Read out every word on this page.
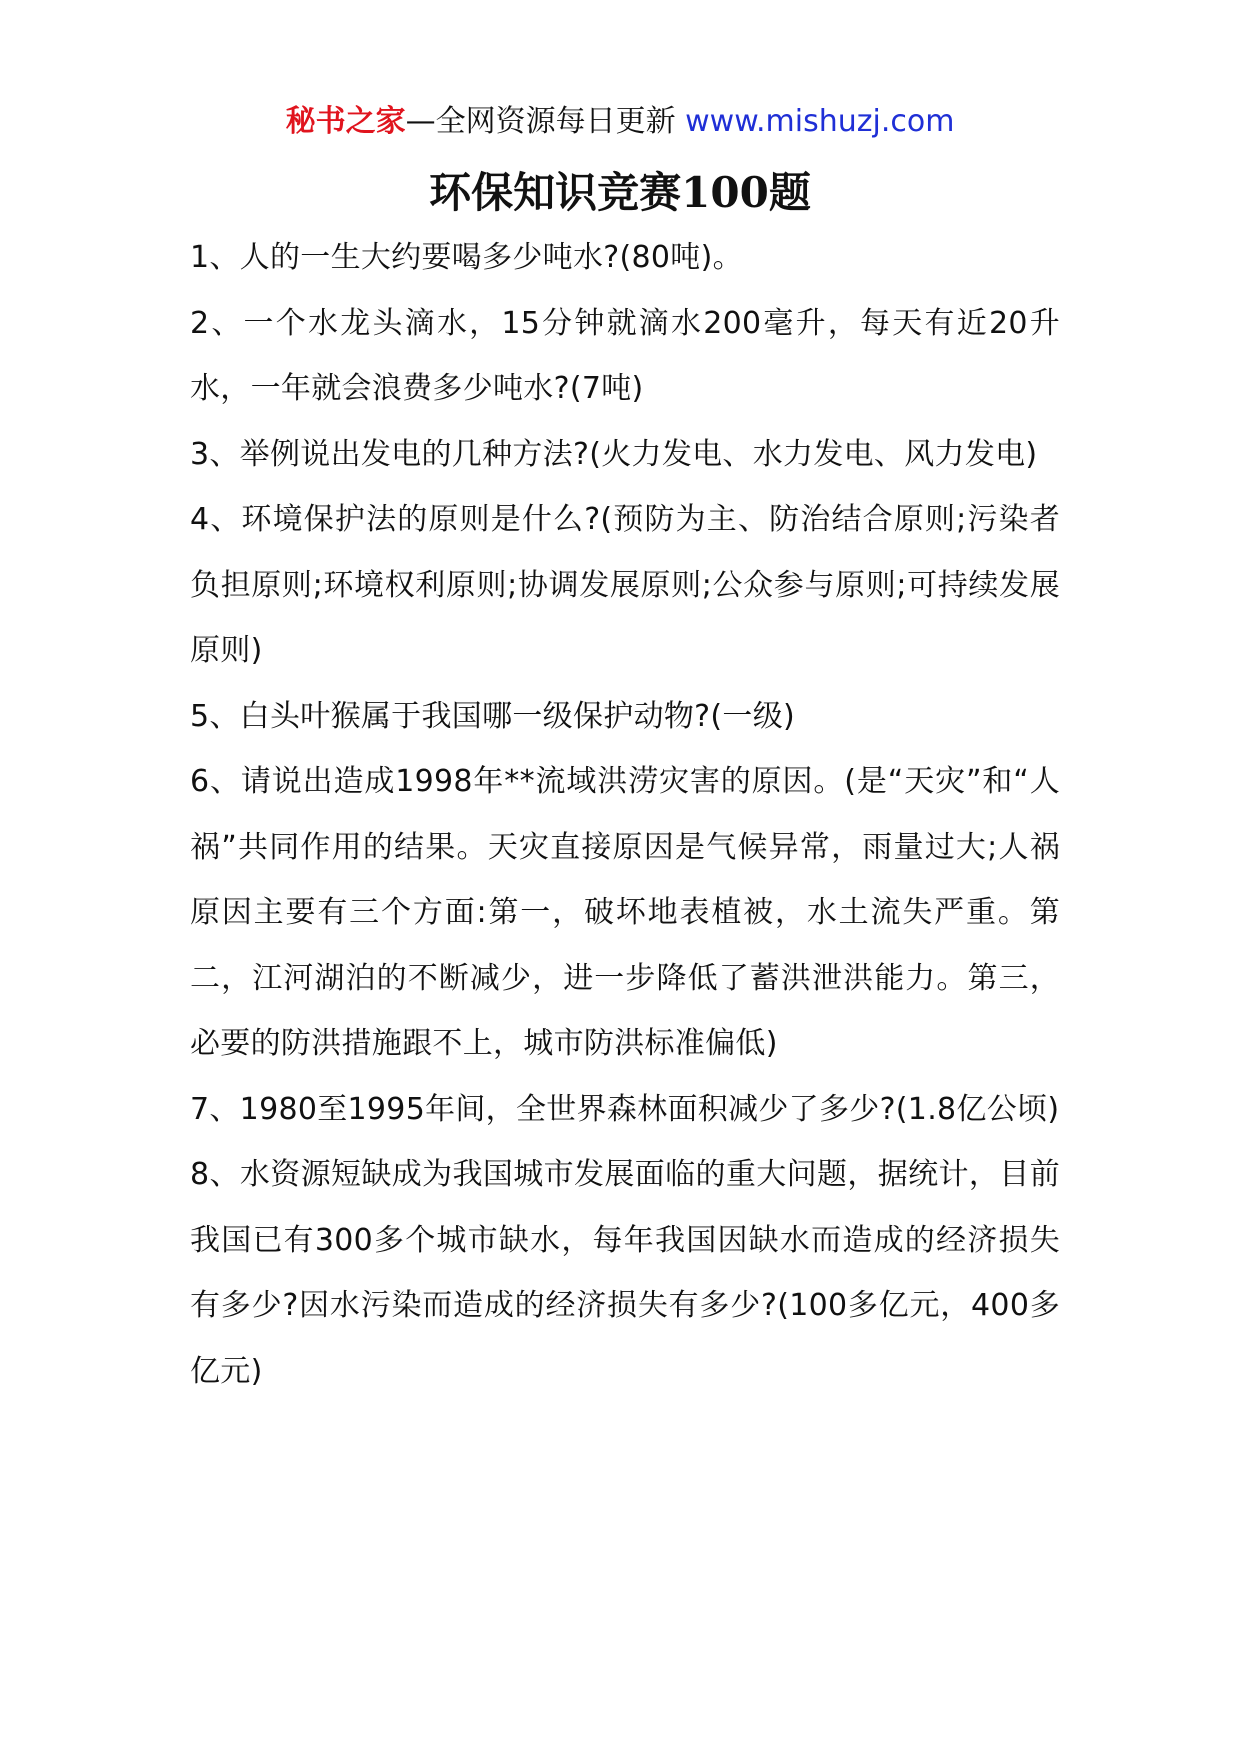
秘书之家—全网资源每日更新 www.mishuzj.com
环保知识竞赛100题

1、人的一生大约要喝多少吨水?(80吨)。

2、一个水龙头滴水，15分钟就滴水200毫升，每天有近20升水，一年就会浪费多少吨水?(7吨)

3、举例说出发电的几种方法?(火力发电、水力发电、风力发电)

4、环境保护法的原则是什么?(预防为主、防治结合原则;污染者负担原则;环境权利原则;协调发展原则;公众参与原则;可持续发展原则)

5、白头叶猴属于我国哪一级保护动物?(一级)

6、请说出造成1998年**流域洪涝灾害的原因。(是“天灾”和“人祸”共同作用的结果。天灾直接原因是气候异常，雨量过大;人祸原因主要有三个方面:第一，破坏地表植被，水土流失严重。第二，江河湖泊的不断减少，进一步降低了蓄洪泄洪能力。第三，必要的防洪措施跟不上，城市防洪标准偏低)

7、1980至1995年间，全世界森林面积减少了多少?(1.8亿公顷)

8、水资源短缺成为我国城市发展面临的重大问题，据统计，目前我国已有300多个城市缺水，每年我国因缺水而造成的经济损失有多少?因水污染而造成的经济损失有多少?(100多亿元，400多亿元)
